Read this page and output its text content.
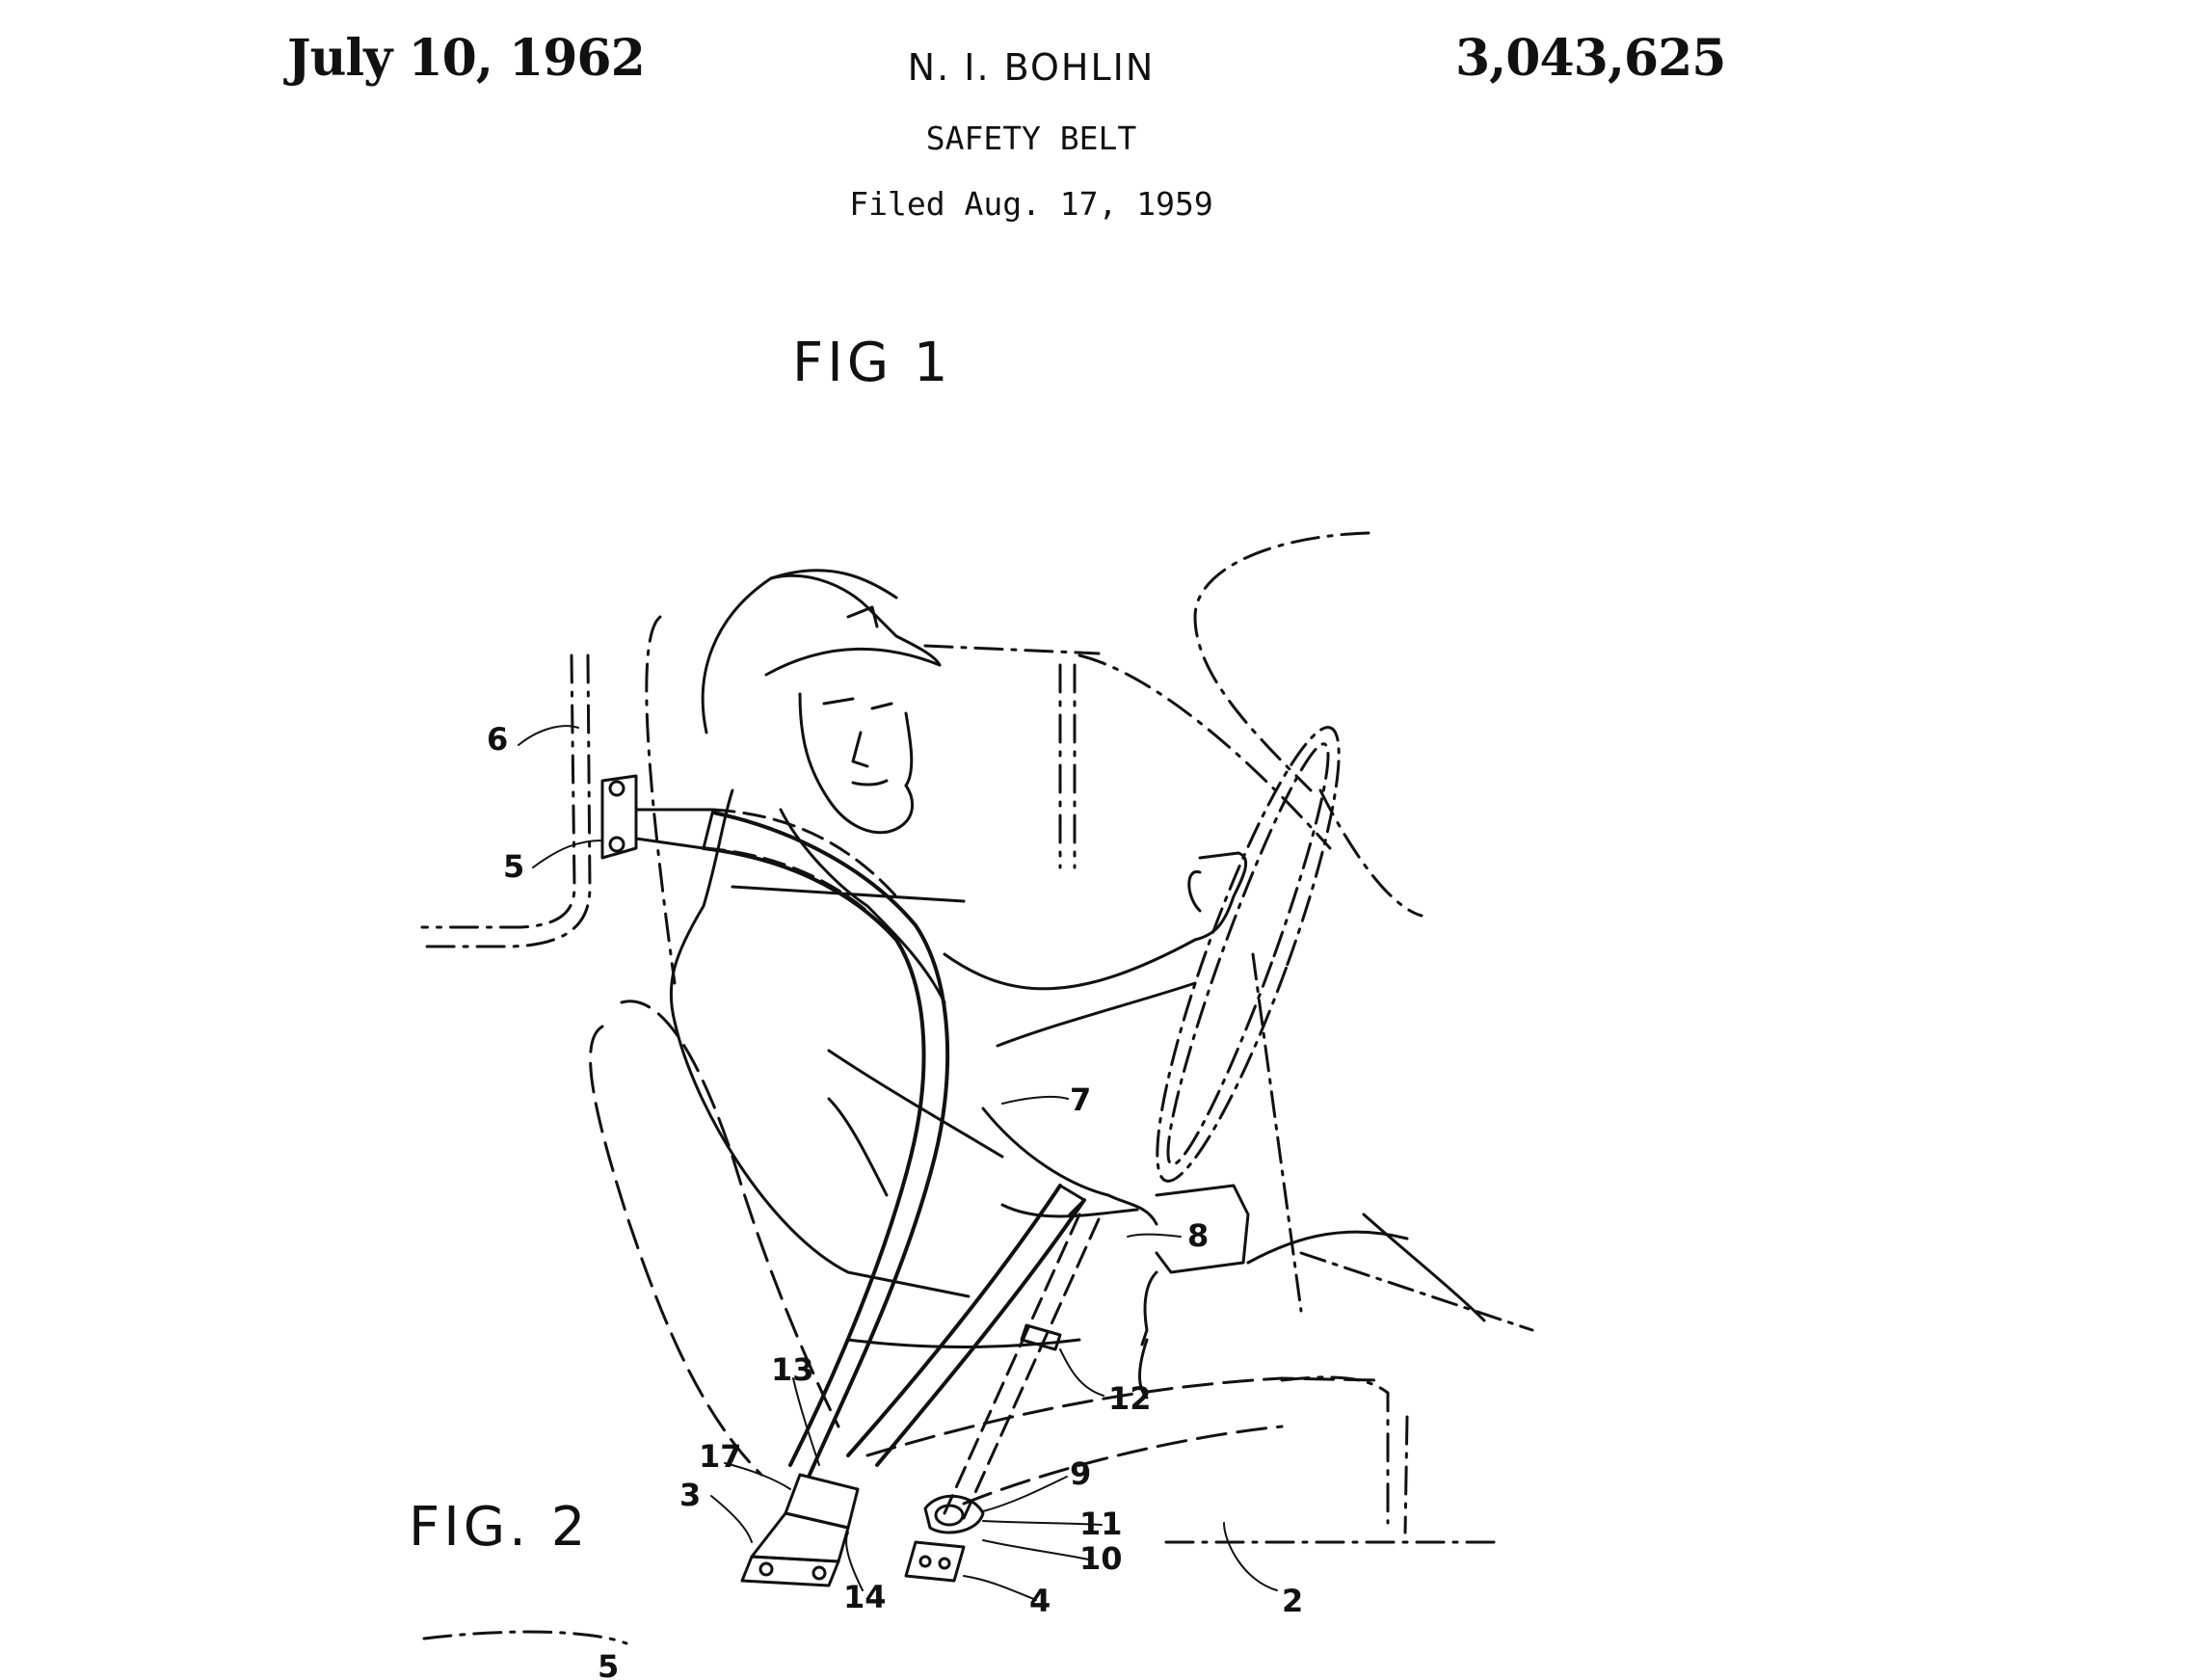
July 10, 1962	N. I. BOHLIN	3,043,625
SAFETY BELT
Filed Aug. 17, 1959
FIG 1
FIG. 2
6
5
7
8
13
12
17	9
3
11
10
14	4	2
5
